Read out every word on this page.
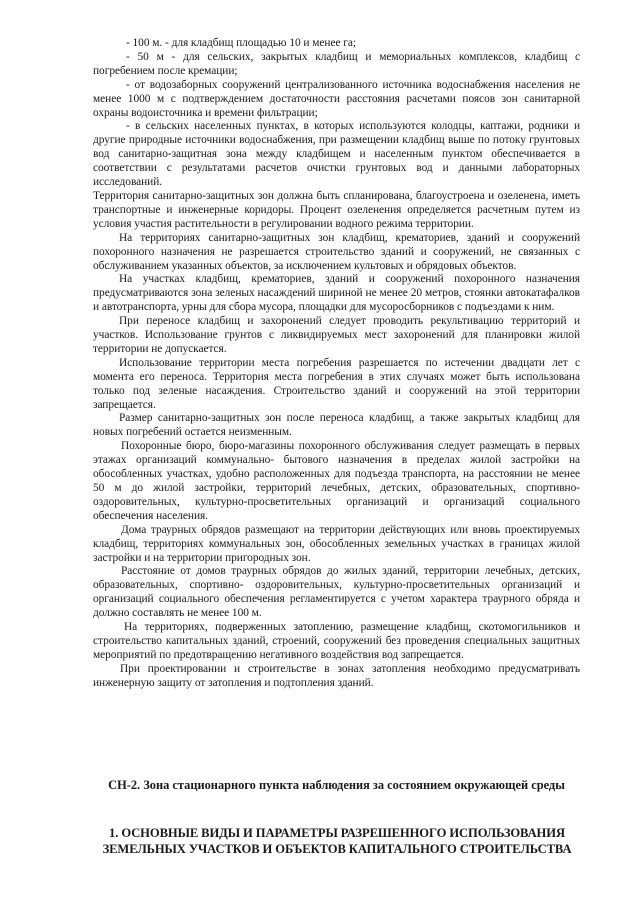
- 100 м. - для кладбищ площадью 10 и менее га;

- 50 м - для сельских, закрытых кладбищ и мемориальных комплексов, кладбищ с погребением после кремации;

- от водозаборных сооружений централизованного источника водоснабжения населения не менее 1000 м с подтверждением достаточности расстояния расчетами поясов зон санитарной охраны водоисточника и времени фильтрации;

- в сельских населенных пунктах, в которых используются колодцы, каптажи, родники и другие природные источники водоснабжения, при размещении кладбищ выше по потоку грунтовых вод санитарно-защитная зона между кладбищем и населенным пунктом обеспечивается в соответствии с результатами расчетов очистки грунтовых вод и данными лабораторных исследований.

Территория санитарно-защитных зон должна быть спланирована, благоустроена и озеленена, иметь транспортные и инженерные коридоры. Процент озеленения определяется расчетным путем из условия участия растительности в регулировании водного режима территории.

На территориях санитарно-защитных зон кладбищ, крематориев, зданий и сооружений похоронного назначения не разрешается строительство зданий и сооружений, не связанных с обслуживанием указанных объектов, за исключением культовых и обрядовых объектов.

На участках кладбищ, крематориев, зданий и сооружений похоронного назначения предусматриваются зона зеленых насаждений шириной не менее 20 метров, стоянки автокатафалков и автотранспорта, урны для сбора мусора, площадки для мусоросборников с подъездами к ним.

При переносе кладбищ и захоронений следует проводить рекультивацию территорий и участков. Использование грунтов с ликвидируемых мест захоронений для планировки жилой территории не допускается.

Использование территории места погребения разрешается по истечении двадцати лет с момента его переноса. Территория места погребения в этих случаях может быть использована только под зеленые насаждения. Строительство зданий и сооружений на этой территории запрещается.

Размер санитарно-защитных зон после переноса кладбищ, а также закрытых кладбищ для новых погребений остается неизменным.

Похоронные бюро, бюро-магазины похоронного обслуживания следует размещать в первых этажах организаций коммунально- бытового назначения в пределах жилой застройки на обособленных участках, удобно расположенных для подъезда транспорта, на расстоянии не менее 50 м до жилой застройки, территорий лечебных, детских, образовательных, спортивно-оздоровительных, культурно-просветительных организаций и организаций социального обеспечения населения.

Дома траурных обрядов размещают на территории действующих или вновь проектируемых кладбищ, территориях коммунальных зон, обособленных земельных участках в границах жилой застройки и на территории пригородных зон.

Расстояние от домов траурных обрядов до жилых зданий, территории лечебных, детских, образовательных, спортивно- оздоровительных, культурно-просветительных организаций и организаций социального обеспечения регламентируется с учетом характера траурного обряда и должно составлять не менее 100 м.

На территориях, подверженных затоплению, размещение кладбищ, скотомогильников и строительство капитальных зданий, строений, сооружений без проведения специальных защитных мероприятий по предотвращению негативного воздействия вод запрещается.

При проектировании и строительстве в зонах затопления необходимо предусматривать инженерную защиту от затопления и подтопления зданий.

СН-2. Зона стационарного пункта наблюдения за состоянием окружающей среды

1. ОСНОВНЫЕ ВИДЫ И ПАРАМЕТРЫ РАЗРЕШЕННОГО ИСПОЛЬЗОВАНИЯ ЗЕМЕЛЬНЫХ УЧАСТКОВ И ОБЪЕКТОВ КАПИТАЛЬНОГО СТРОИТЕЛЬСТВА
